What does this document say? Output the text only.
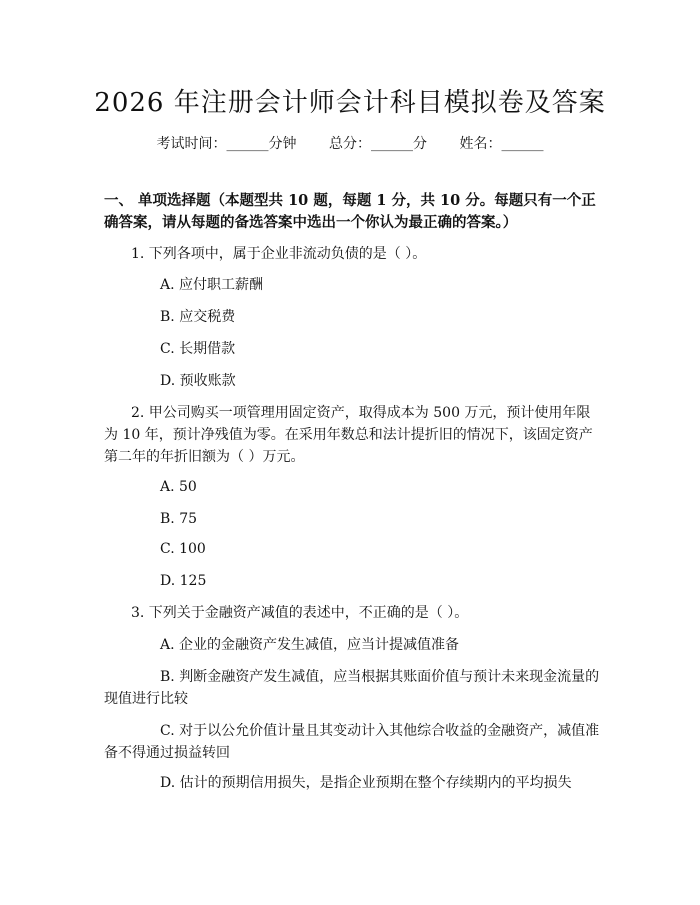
2026 年注册会计师会计科目模拟卷及答案
考试时间：______分钟 总分：______分 姓名：______
一、 单项选择题（本题型共 10 题，每题 1 分，共 10 分。每题只有一个正确答案，请从每题的备选答案中选出一个你认为最正确的答案。）
1. 下列各项中，属于企业非流动负债的是（ ）。
A. 应付职工薪酬
B. 应交税费
C. 长期借款
D. 预收账款
2. 甲公司购买一项管理用固定资产，取得成本为 500 万元，预计使用年限为 10 年，预计净残值为零。在采用年数总和法计提折旧的情况下，该固定资产第二年的年折旧额为（ ）万元。
A. 50
B. 75
C. 100
D. 125
3. 下列关于金融资产减值的表述中，不正确的是（ ）。
A. 企业的金融资产发生减值，应当计提减值准备
B. 判断金融资产发生减值，应当根据其账面价值与预计未来现金流量的现值进行比较
C. 对于以公允价值计量且其变动计入其他综合收益的金融资产，减值准备不得通过损益转回
D. 估计的预期信用损失，是指企业预期在整个存续期内的平均损失
